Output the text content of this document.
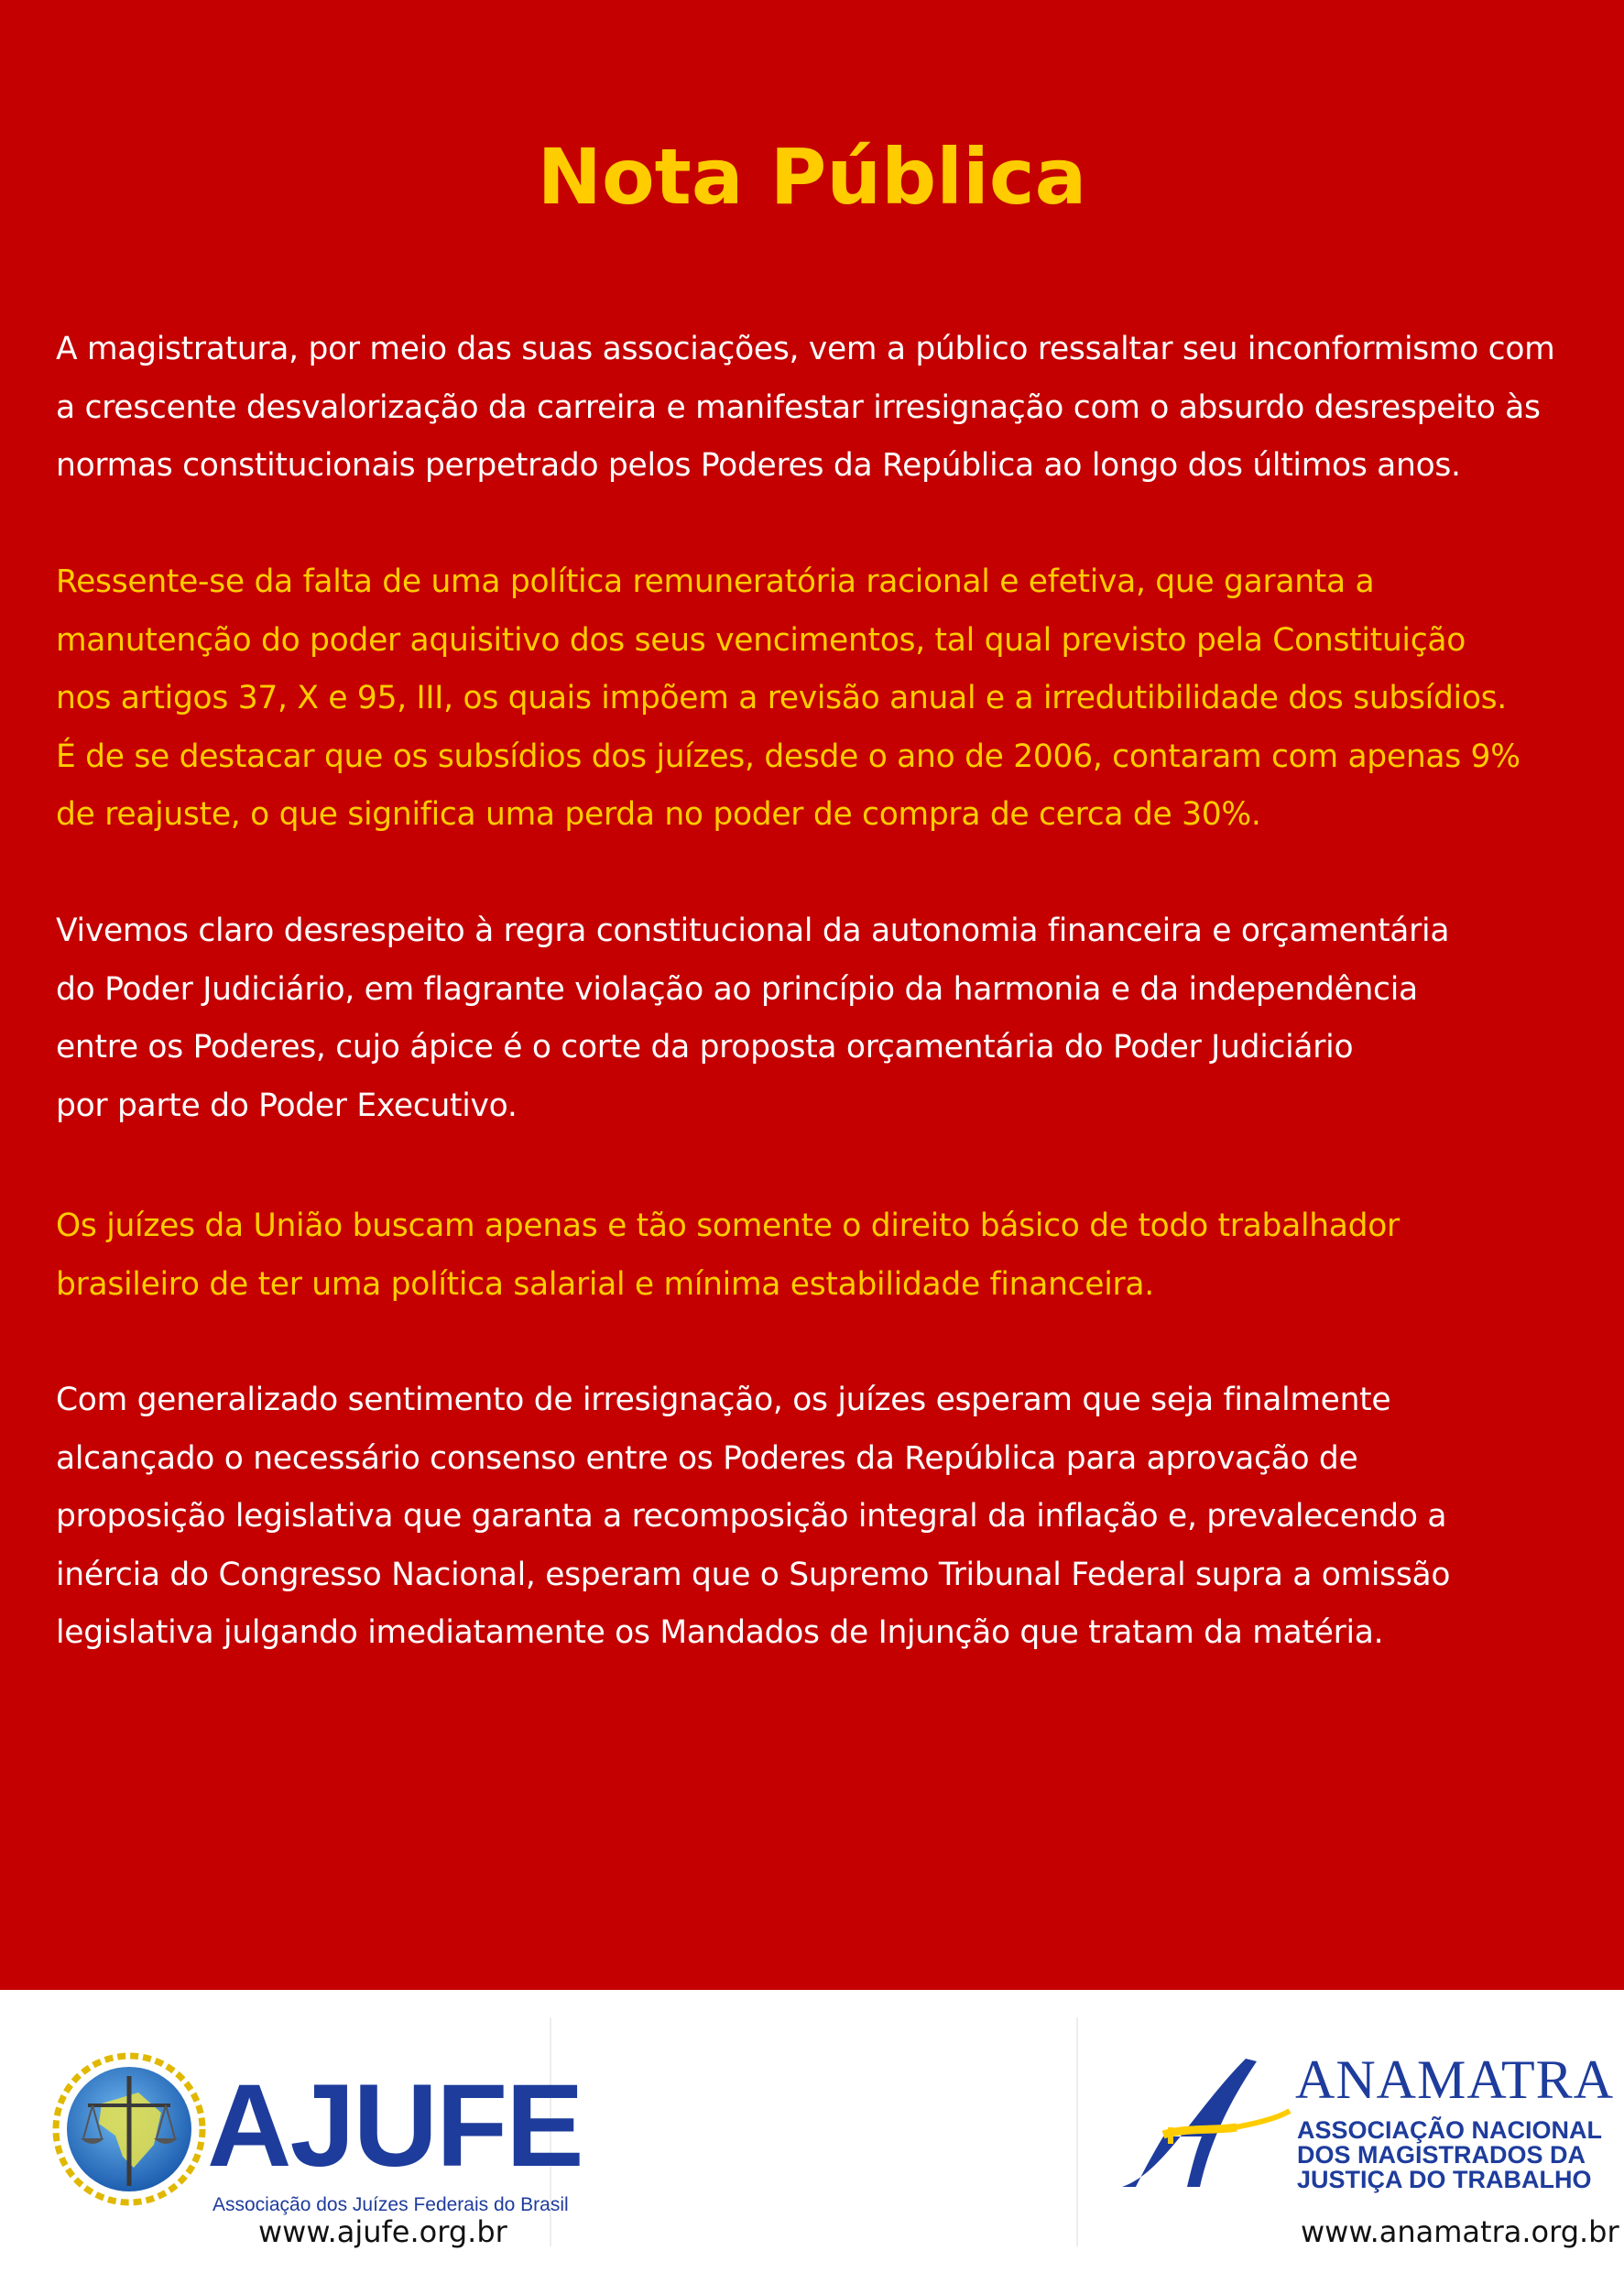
Nota Pública

A magistratura, por meio das suas associações, vem a público ressaltar seu inconformismo com
a crescente desvalorização da carreira e manifestar irresignação com o absurdo desrespeito às
normas constitucionais perpetrado pelos Poderes da República ao longo dos últimos anos.

Ressente-se da falta de uma política remuneratória racional e efetiva, que garanta a
manutenção do poder aquisitivo dos seus vencimentos, tal qual previsto pela Constituição
nos artigos 37, X e 95, III, os quais impõem a revisão anual e a irredutibilidade dos subsídios.
É de se destacar que os subsídios dos juízes, desde o ano de 2006, contaram com apenas 9%
de reajuste, o que significa uma perda no poder de compra de cerca de 30%.

Vivemos claro desrespeito à regra constitucional da autonomia financeira e orçamentária
do Poder Judiciário, em flagrante violação ao princípio da harmonia e da independência
entre os Poderes, cujo ápice é o corte da proposta orçamentária do Poder Judiciário
por parte do Poder Executivo.

Os juízes da União buscam apenas e tão somente o direito básico de todo trabalhador
brasileiro de ter uma política salarial e mínima estabilidade financeira.

Com generalizado sentimento de irresignação, os juízes esperam que seja finalmente
alcançado o necessário consenso entre os Poderes da República para aprovação de
proposição legislativa que garanta a recomposição integral da inflação e, prevalecendo a
inércia do Congresso Nacional, esperam que o Supremo Tribunal Federal supra a omissão
legislativa julgando imediatamente os Mandados de Injunção que tratam da matéria.

AJUFE
Associação dos Juízes Federais do Brasil
www.ajufe.org.br
ANAMATRA
ASSOCIAÇÃO NACIONAL
DOS MAGISTRADOS DA
JUSTIÇA DO TRABALHO
www.anamatra.org.br
